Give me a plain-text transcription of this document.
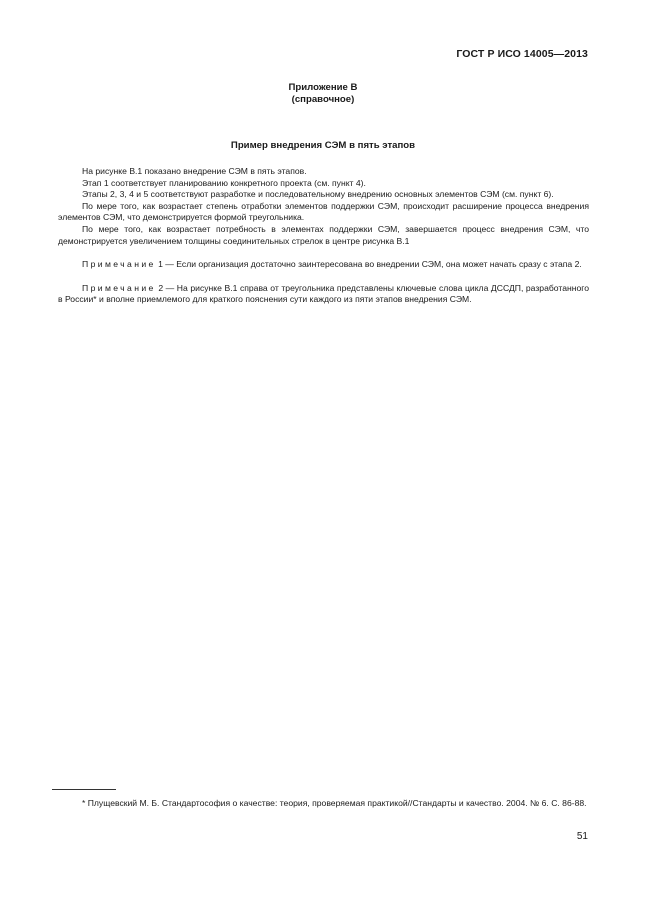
ГОСТ Р ИСО 14005—2013
Приложение В
(справочное)
Пример внедрения СЭМ в пять этапов

На рисунке В.1 показано внедрение СЭМ в пять этапов.

Этап 1 соответствует планированию конкретного проекта (см. пункт 4).

Этапы 2, 3, 4 и 5 соответствуют разработке и последовательному внедрению основных элементов СЭМ (см. пункт 6).

По мере того, как возрастает степень отработки элементов поддержки СЭМ, происходит расширение процесса внедрения элементов СЭМ, что демонстрируется формой треугольника.

По мере того, как возрастает потребность в элементах поддержки СЭМ, завершается процесс внедрения СЭМ, что демонстрируется увеличением толщины соединительных стрелок в центре рисунка В.1

Примечание 1 — Если организация достаточно заинтересована во внедрении СЭМ, она может начать сразу с этапа 2.

Примечание 2 — На рисунке В.1 справа от треугольника представлены ключевые слова цикла ДССДП, разработанного в России* и вполне приемлемого для краткого пояснения сути каждого из пяти этапов внедрения СЭМ.

* Плущевский М. Б. Стандартософия о качестве: теория, проверяемая практикой//Стандарты и качество. 2004. № 6. С. 86-88.

51
